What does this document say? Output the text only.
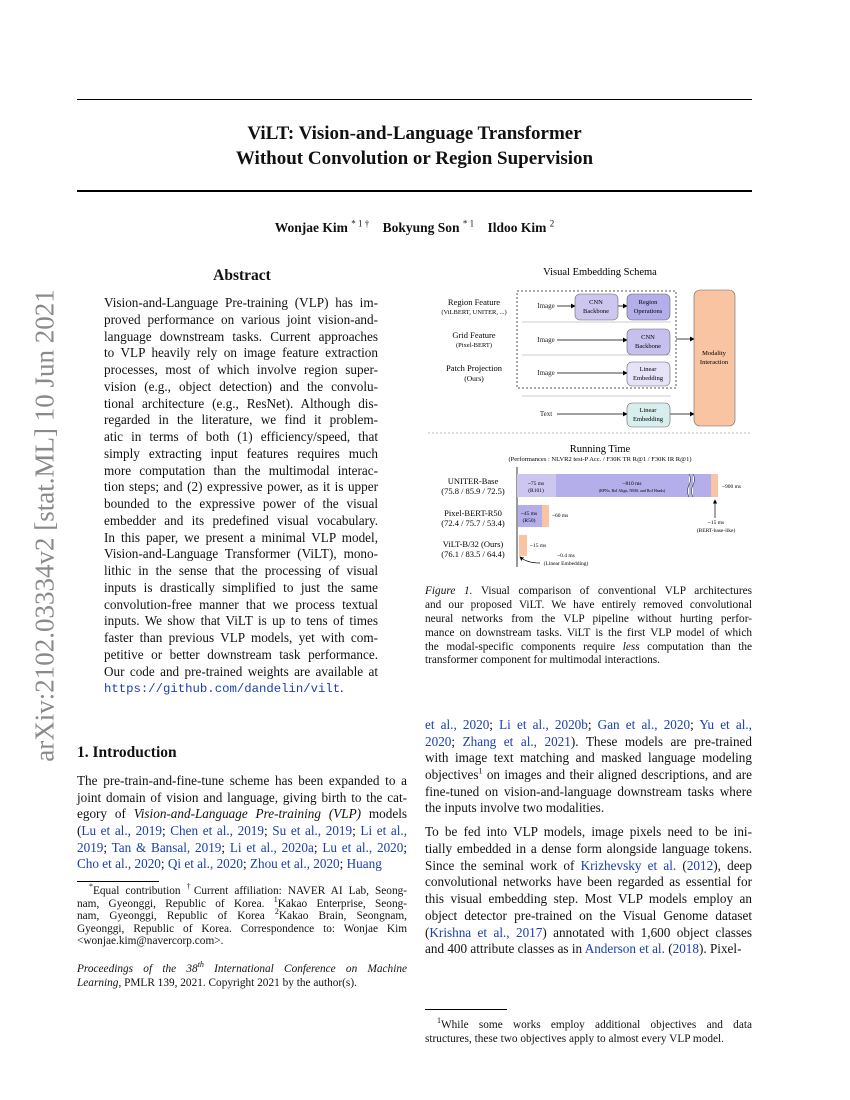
arXiv:2102.03334v2 [stat.ML] 10 Jun 2021
ViLT: Vision-and-Language Transformer
Without Convolution or Region Supervision
Wonjae Kim $^{* 1 \dagger}$ Bokyung Son $^{* 1}$ Ildoo Kim $^2$
Abstract
Vision-and-Language Pre-training (VLP) has im-
proved performance on various joint vision-and-
language downstream tasks. Current approaches
to VLP heavily rely on image feature extraction
processes, most of which involve region super-
vision (e.g., object detection) and the convolu-
tional architecture (e.g., ResNet). Although dis-
regarded in the literature, we find it problem-
atic in terms of both (1) efficiency/speed, that
simply extracting input features requires much
more computation than the multimodal interac-
tion steps; and (2) expressive power, as it is upper
bounded to the expressive power of the visual
embedder and its predefined visual vocabulary.
In this paper, we present a minimal VLP model,
Vision-and-Language Transformer (ViLT), mono-
lithic in the sense that the processing of visual
inputs is drastically simplified to just the same
convolution-free manner that we process textual
inputs. We show that ViLT is up to tens of times
faster than previous VLP models, yet with com-
petitive or better downstream task performance.
Our code and pre-trained weights are available at
https://github.com/dandelin/vilt.
1. Introduction
The pre-train-and-fine-tune scheme has been expanded to a
joint domain of vision and language, giving birth to the cat-
egory of Vision-and-Language Pre-training (VLP) models
(Lu et al., 2019; Chen et al., 2019; Su et al., 2019; Li et al.,
2019; Tan & Bansal, 2019; Li et al., 2020a; Lu et al., 2020;
Cho et al., 2020; Qi et al., 2020; Zhou et al., 2020; Huang
*Equal contribution †Current affiliation: NAVER AI Lab, Seong-
nam, Gyeonggi, Republic of Korea. $^1$Kakao Enterprise, Seong-
nam, Gyeonggi, Republic of Korea $^2$Kakao Brain, Seongnam,
Gyeonggi, Republic of Korea. Correspondence to: Wonjae Kim
<wonjae.kim@navercorp.com>.
Proceedings of the 38th International Conference on Machine
Learning, PMLR 139, 2021. Copyright 2021 by the author(s).
Visual Embedding Schema
Region Feature
(ViLBERT, UNITER, ...)
Grid Feature
(Pixel-BERT)
Patch Projection
(Ours)
Image
Image
Image
Text
CNN
Backbone
Region
Operations
CNN
Backbone
Linear
Embedding
Linear
Embedding
Modality
Interaction
Running Time
(Performances : NLVR2 test-P Acc. / F30K TR R@1 / F30K IR R@1)
UNITER-Base
(75.8 / 85.9 / 72.5)
Pixel-BERT-R50
(72.4 / 75.7 / 53.4)
ViLT-B/32 (Ours)
(76.1 / 83.5 / 64.4)
~75 ms
(R101)
~810 ms
(RPNs, RoI Align, NMS, and RoI Heads)
~45 ms
(R50)	~15 ms
(BERT-base-like)
~0.4 ms
(Linear Embedding)
~900 ms
~60 ms
~15 ms
Figure 1. Visual comparison of conventional VLP architectures
and our proposed ViLT. We have entirely removed convolutional
neural networks from the VLP pipeline without hurting perfor-
mance on downstream tasks. ViLT is the first VLP model of which
the modal-specific components require less computation than the
transformer component for multimodal interactions.
et al., 2020; Li et al., 2020b; Gan et al., 2020; Yu et al.,
2020; Zhang et al., 2021). These models are pre-trained
with image text matching and masked language modeling
objectives$^1$ on images and their aligned descriptions, and are
fine-tuned on vision-and-language downstream tasks where
the inputs involve two modalities.
To be fed into VLP models, image pixels need to be ini-
tially embedded in a dense form alongside language tokens.
Since the seminal work of Krizhevsky et al. (2012), deep
convolutional networks have been regarded as essential for
this visual embedding step. Most VLP models employ an
object detector pre-trained on the Visual Genome dataset
(Krishna et al., 2017) annotated with 1,600 object classes
and 400 attribute classes as in Anderson et al. (2018). Pixel-
$^1$While some works employ additional objectives and data
structures, these two objectives apply to almost every VLP model.
